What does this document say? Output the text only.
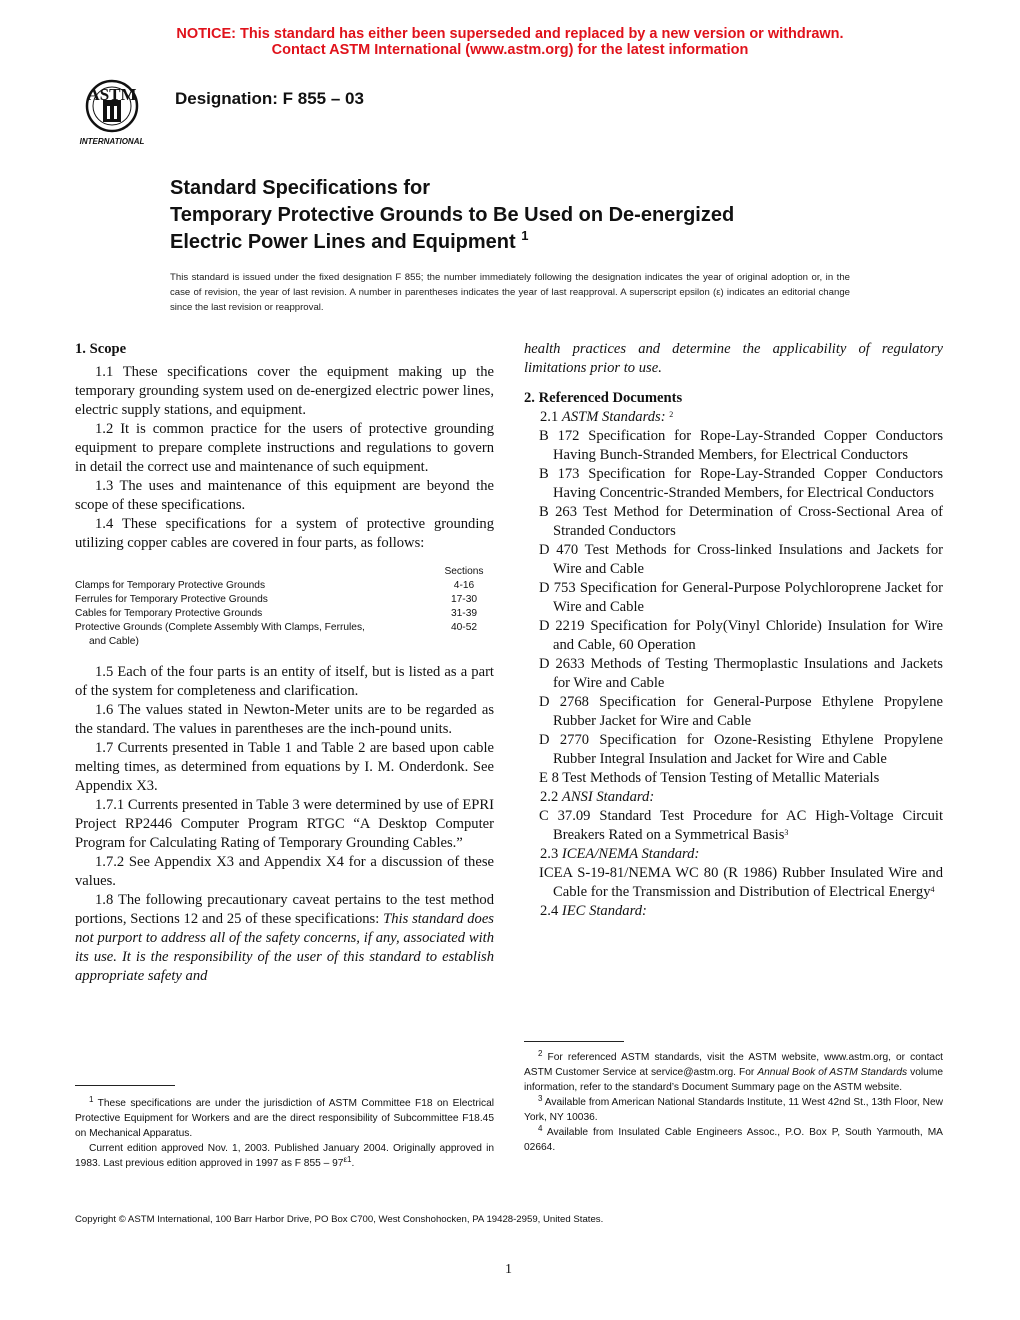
NOTICE: This standard has either been superseded and replaced by a new version or withdrawn.
Contact ASTM International (www.astm.org) for the latest information
ASTM
INTERNATIONAL
Designation: F 855 – 03
Standard Specifications for
Temporary Protective Grounds to Be Used on De-energized
Electric Power Lines and Equipment $^1$
This standard is issued under the fixed designation F 855; the number immediately following the designation indicates the year of original adoption or, in the case of revision, the year of last revision. A number in parentheses indicates the year of last reapproval. A superscript epsilon (ε) indicates an editorial change since the last revision or reapproval.

1. Scope

1.1 These specifications cover the equipment making up the temporary grounding system used on de-energized electric power lines, electric supply stations, and equipment.

1.2 It is common practice for the users of protective grounding equipment to prepare complete instructions and regulations to govern in detail the correct use and maintenance of such equipment.

1.3 The uses and maintenance of this equipment are beyond the scope of these specifications.

1.4 These specifications for a system of protective grounding utilizing copper cables are covered in four parts, as follows:

	Sections
Clamps for Temporary Protective Grounds	4-16
Ferrules for Temporary Protective Grounds	17-30
Cables for Temporary Protective Grounds	31-39

Protective Grounds (Complete Assembly With Clamps, Ferrules,
and Cable)	40-52

1.5 Each of the four parts is an entity of itself, but is listed as a part of the system for completeness and clarification.

1.6 The values stated in Newton-Meter units are to be regarded as the standard. The values in parentheses are the inch-pound units.

1.7 Currents presented in Table 1 and Table 2 are based upon cable melting times, as determined from equations by I. M. Onderdonk. See Appendix X3.

1.7.1 Currents presented in Table 3 were determined by use of EPRI Project RP2446 Computer Program RTGC “A Desktop Computer Program for Calculating Rating of Temporary Grounding Cables.”

1.7.2 See Appendix X3 and Appendix X4 for a discussion of these values.

1.8 The following precautionary caveat pertains to the test method portions, Sections 12 and 25 of these specifications: This standard does not purport to address all of the safety concerns, if any, associated with its use. It is the responsibility of the user of this standard to establish appropriate safety and

health practices and determine the applicability of regulatory limitations prior to use.

2. Referenced Documents

2.1 ASTM Standards: $^2$

B 172 Specification for Rope-Lay-Stranded Copper Conductors Having Bunch-Stranded Members, for Electrical Conductors

B 173 Specification for Rope-Lay-Stranded Copper Conductors Having Concentric-Stranded Members, for Electrical Conductors

B 263 Test Method for Determination of Cross-Sectional Area of Stranded Conductors

D 470 Test Methods for Cross-linked Insulations and Jackets for Wire and Cable

D 753 Specification for General-Purpose Polychloroprene Jacket for Wire and Cable

D 2219 Specification for Poly(Vinyl Chloride) Insulation for Wire and Cable, 60 Operation

D 2633 Methods of Testing Thermoplastic Insulations and Jackets for Wire and Cable

D 2768 Specification for General-Purpose Ethylene Propylene Rubber Jacket for Wire and Cable

D 2770 Specification for Ozone-Resisting Ethylene Propylene Rubber Integral Insulation and Jacket for Wire and Cable

E 8 Test Methods of Tension Testing of Metallic Materials

2.2 ANSI Standard:

C 37.09 Standard Test Procedure for AC High-Voltage Circuit Breakers Rated on a Symmetrical Basis$^3$

2.3 ICEA/NEMA Standard:

ICEA S-19-81/NEMA WC 80 (R 1986) Rubber Insulated Wire and Cable for the Transmission and Distribution of Electrical Energy$^4$

2.4 IEC Standard:

$^1$ These specifications are under the jurisdiction of ASTM Committee F18 on Electrical Protective Equipment for Workers and are the direct responsibility of Subcommittee F18.45 on Mechanical Apparatus.

Current edition approved Nov. 1, 2003. Published January 2004. Originally approved in 1983. Last previous edition approved in 1997 as F $855 - 97^{\varepsilon 1}$.

$^2$ For referenced ASTM standards, visit the ASTM website, www.astm.org, or contact ASTM Customer Service at service@astm.org. For Annual Book of ASTM Standards volume information, refer to the standard’s Document Summary page on the ASTM website.

$^3$ Available from American National Standards Institute, 11 West 42nd St., 13th Floor, New York, NY 10036.

$^4$ Available from Insulated Cable Engineers Assoc., P.O. Box P, South Yarmouth, MA 02664.

Copyright © ASTM International, 100 Barr Harbor Drive, PO Box C700, West Conshohocken, PA 19428-2959, United States.
1
